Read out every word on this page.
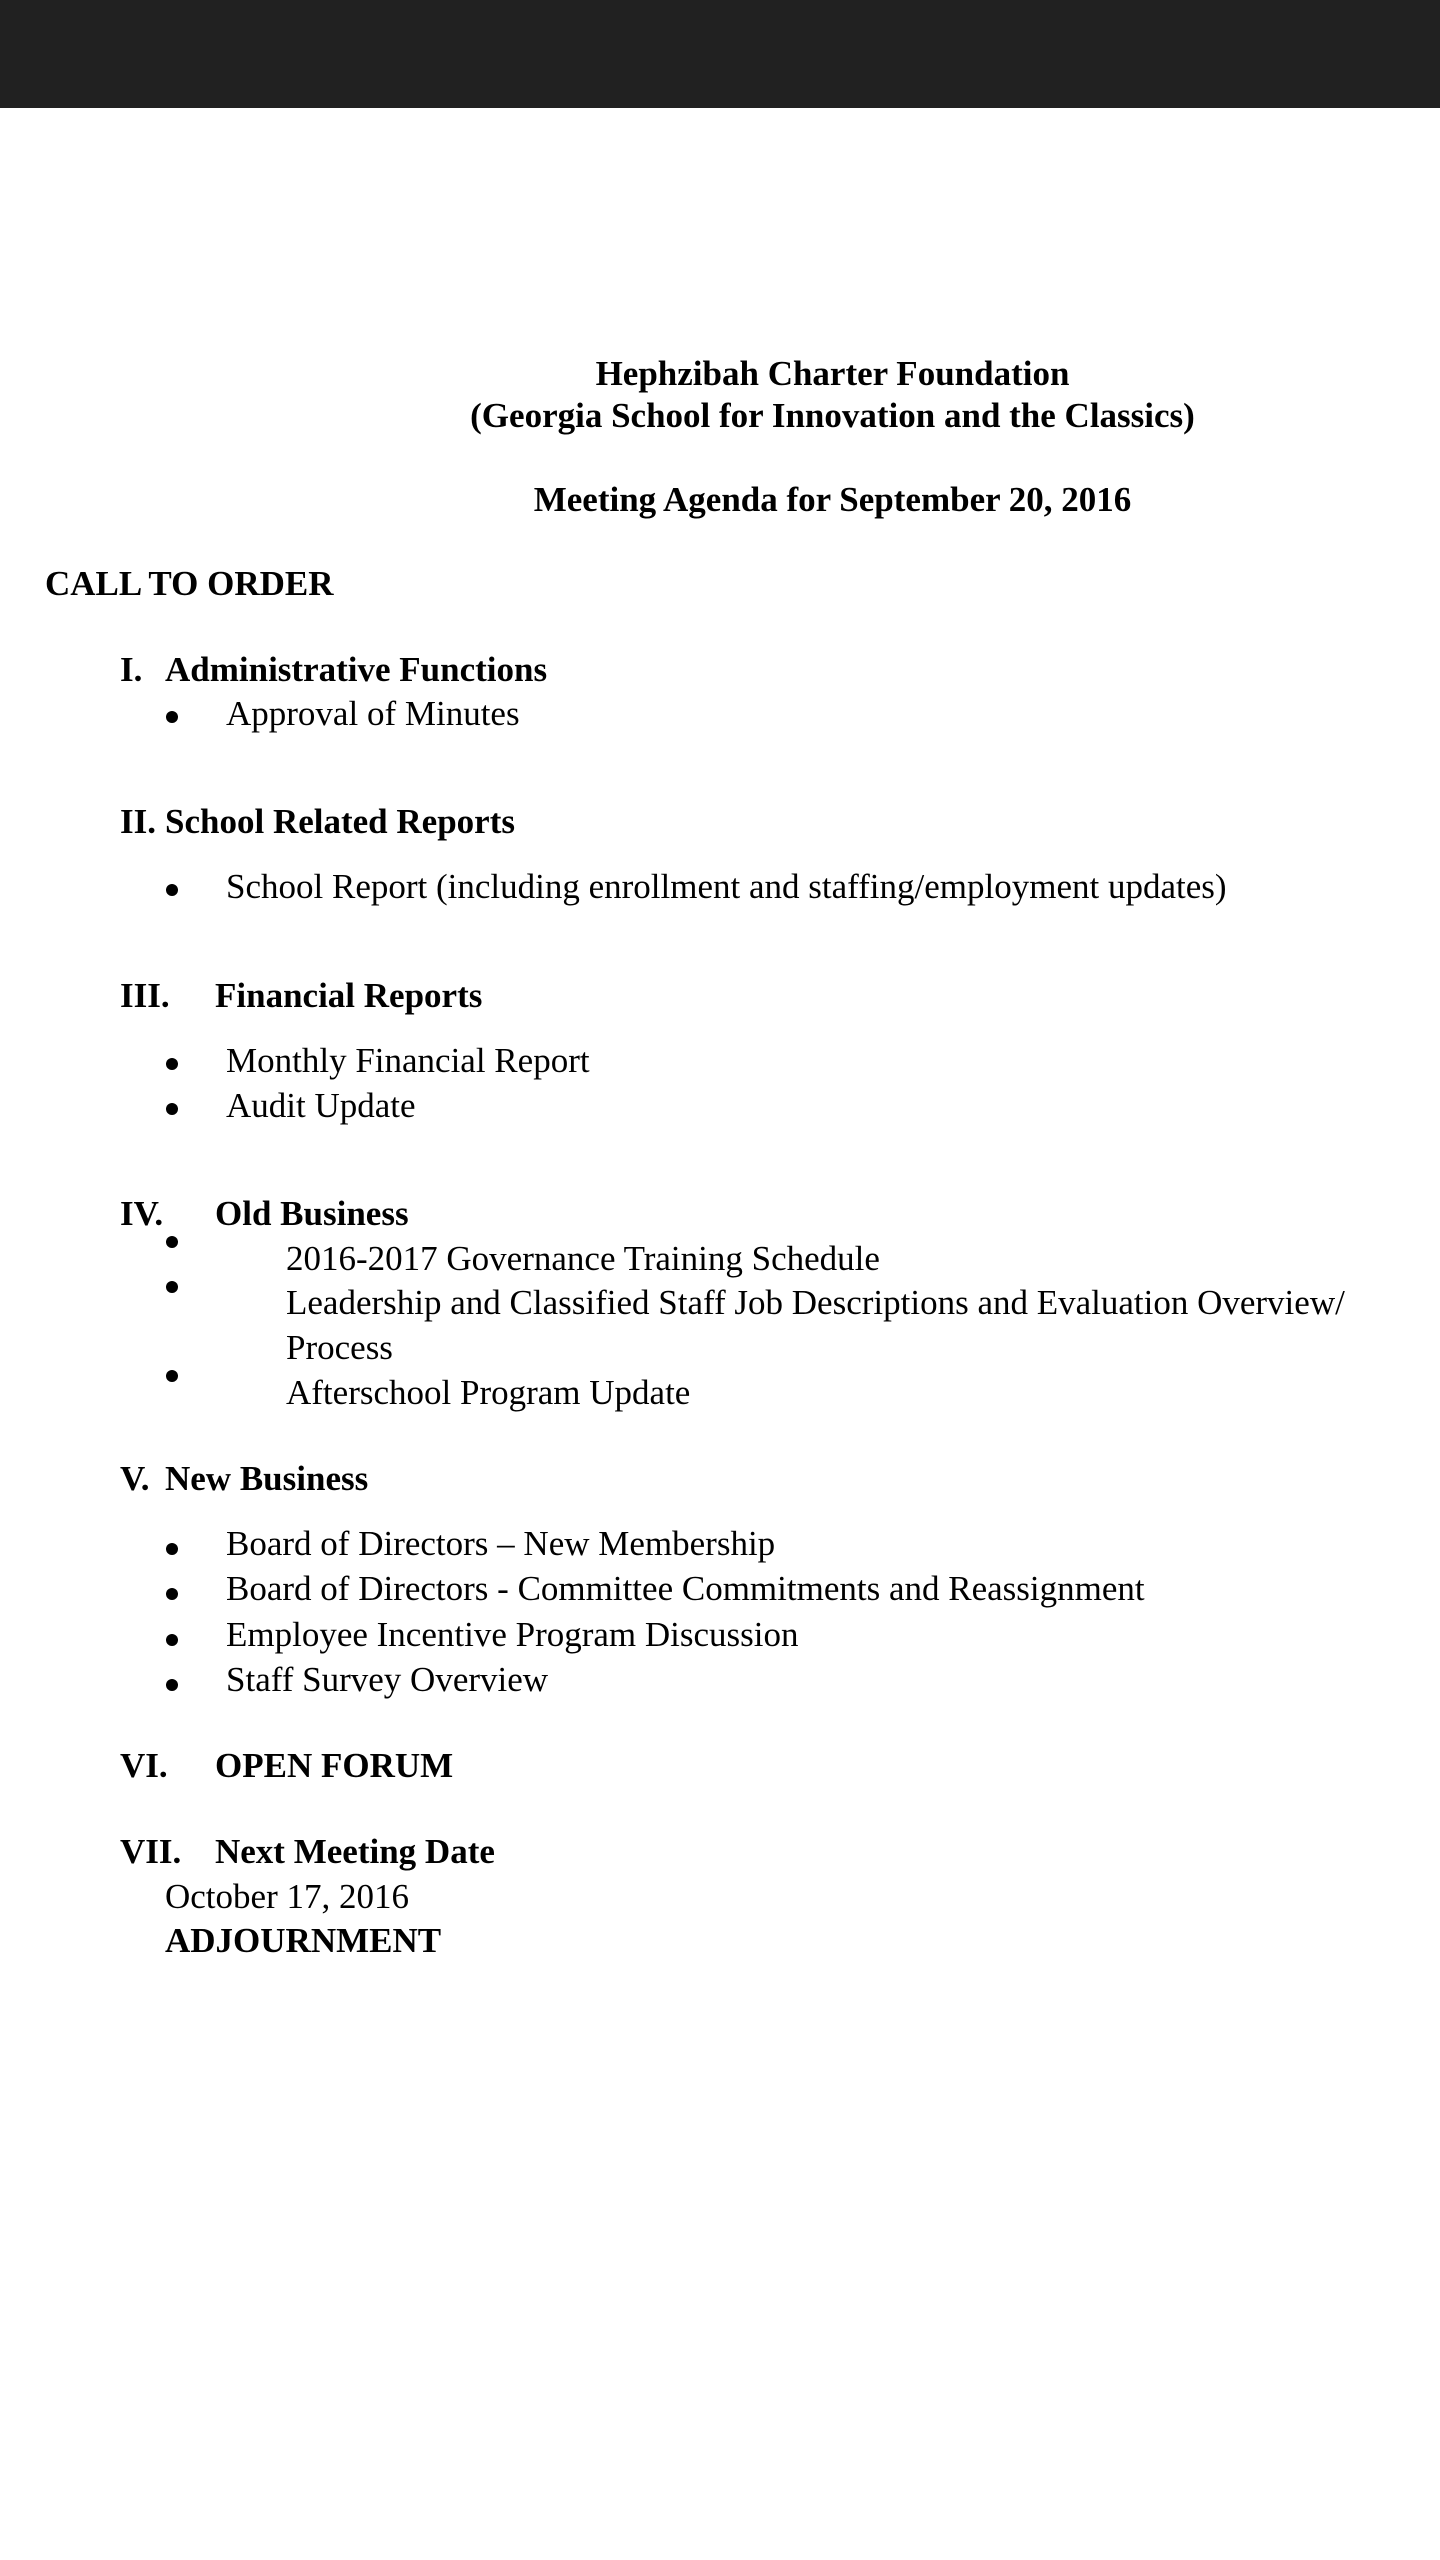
Hephzibah Charter Foundation
(Georgia School for Innovation and the Classics)
Meeting Agenda for September 20, 2016
CALL TO ORDER
I. Administrative Functions
Approval of Minutes
II. School Related Reports
School Report (including enrollment and staffing/employment updates)
III. Financial Reports
Monthly Financial Report
Audit Update
IV. Old Business
2016-2017 Governance Training Schedule
Leadership and Classified Staff Job Descriptions and Evaluation Overview/
Process
Afterschool Program Update
V. New Business
Board of Directors – New Membership
Board of Directors - Committee Commitments and Reassignment
Employee Incentive Program Discussion
Staff Survey Overview
VI. OPEN FORUM
VII. Next Meeting Date
October 17, 2016
ADJOURNMENT
